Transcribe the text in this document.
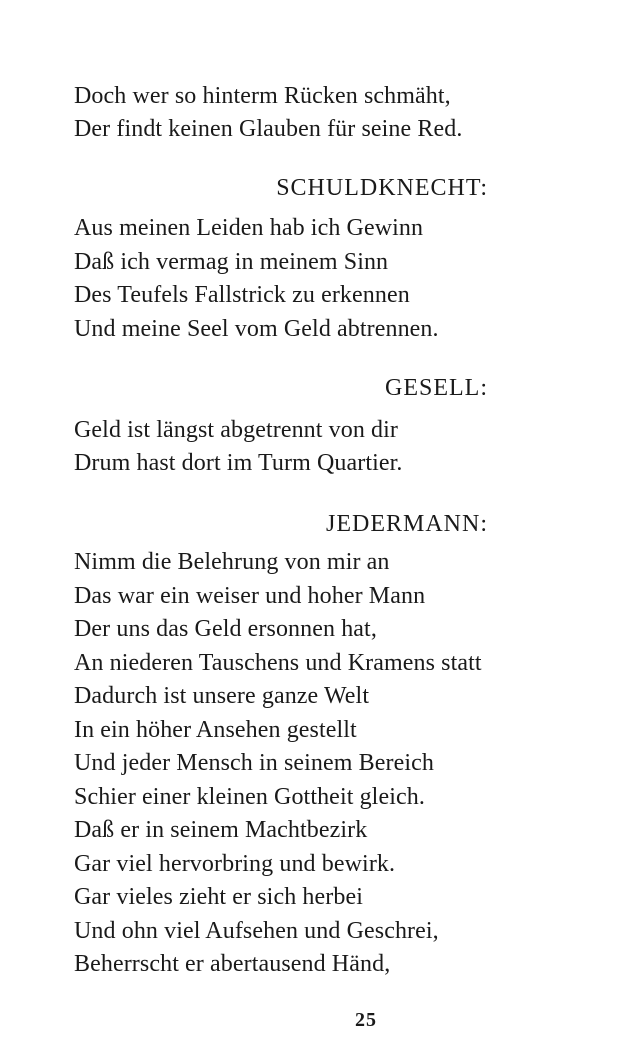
Doch wer so hinterm Rücken schmäht,
Der findt keinen Glauben für seine Red.
SCHULDKNECHT:
Aus meinen Leiden hab ich Gewinn
Daß ich vermag in meinem Sinn
Des Teufels Fallstrick zu erkennen
Und meine Seel vom Geld abtrennen.
GESELL:
Geld ist längst abgetrennt von dir
Drum hast dort im Turm Quartier.
JEDERMANN:
Nimm die Belehrung von mir an
Das war ein weiser und hoher Mann
Der uns das Geld ersonnen hat,
An niederen Tauschens und Kramens statt
Dadurch ist unsere ganze Welt
In ein höher Ansehen gestellt
Und jeder Mensch in seinem Bereich
Schier einer kleinen Gottheit gleich.
Daß er in seinem Machtbezirk
Gar viel hervorbring und bewirk.
Gar vieles zieht er sich herbei
Und ohn viel Aufsehen und Geschrei,
Beherrscht er abertausend Händ,
25
